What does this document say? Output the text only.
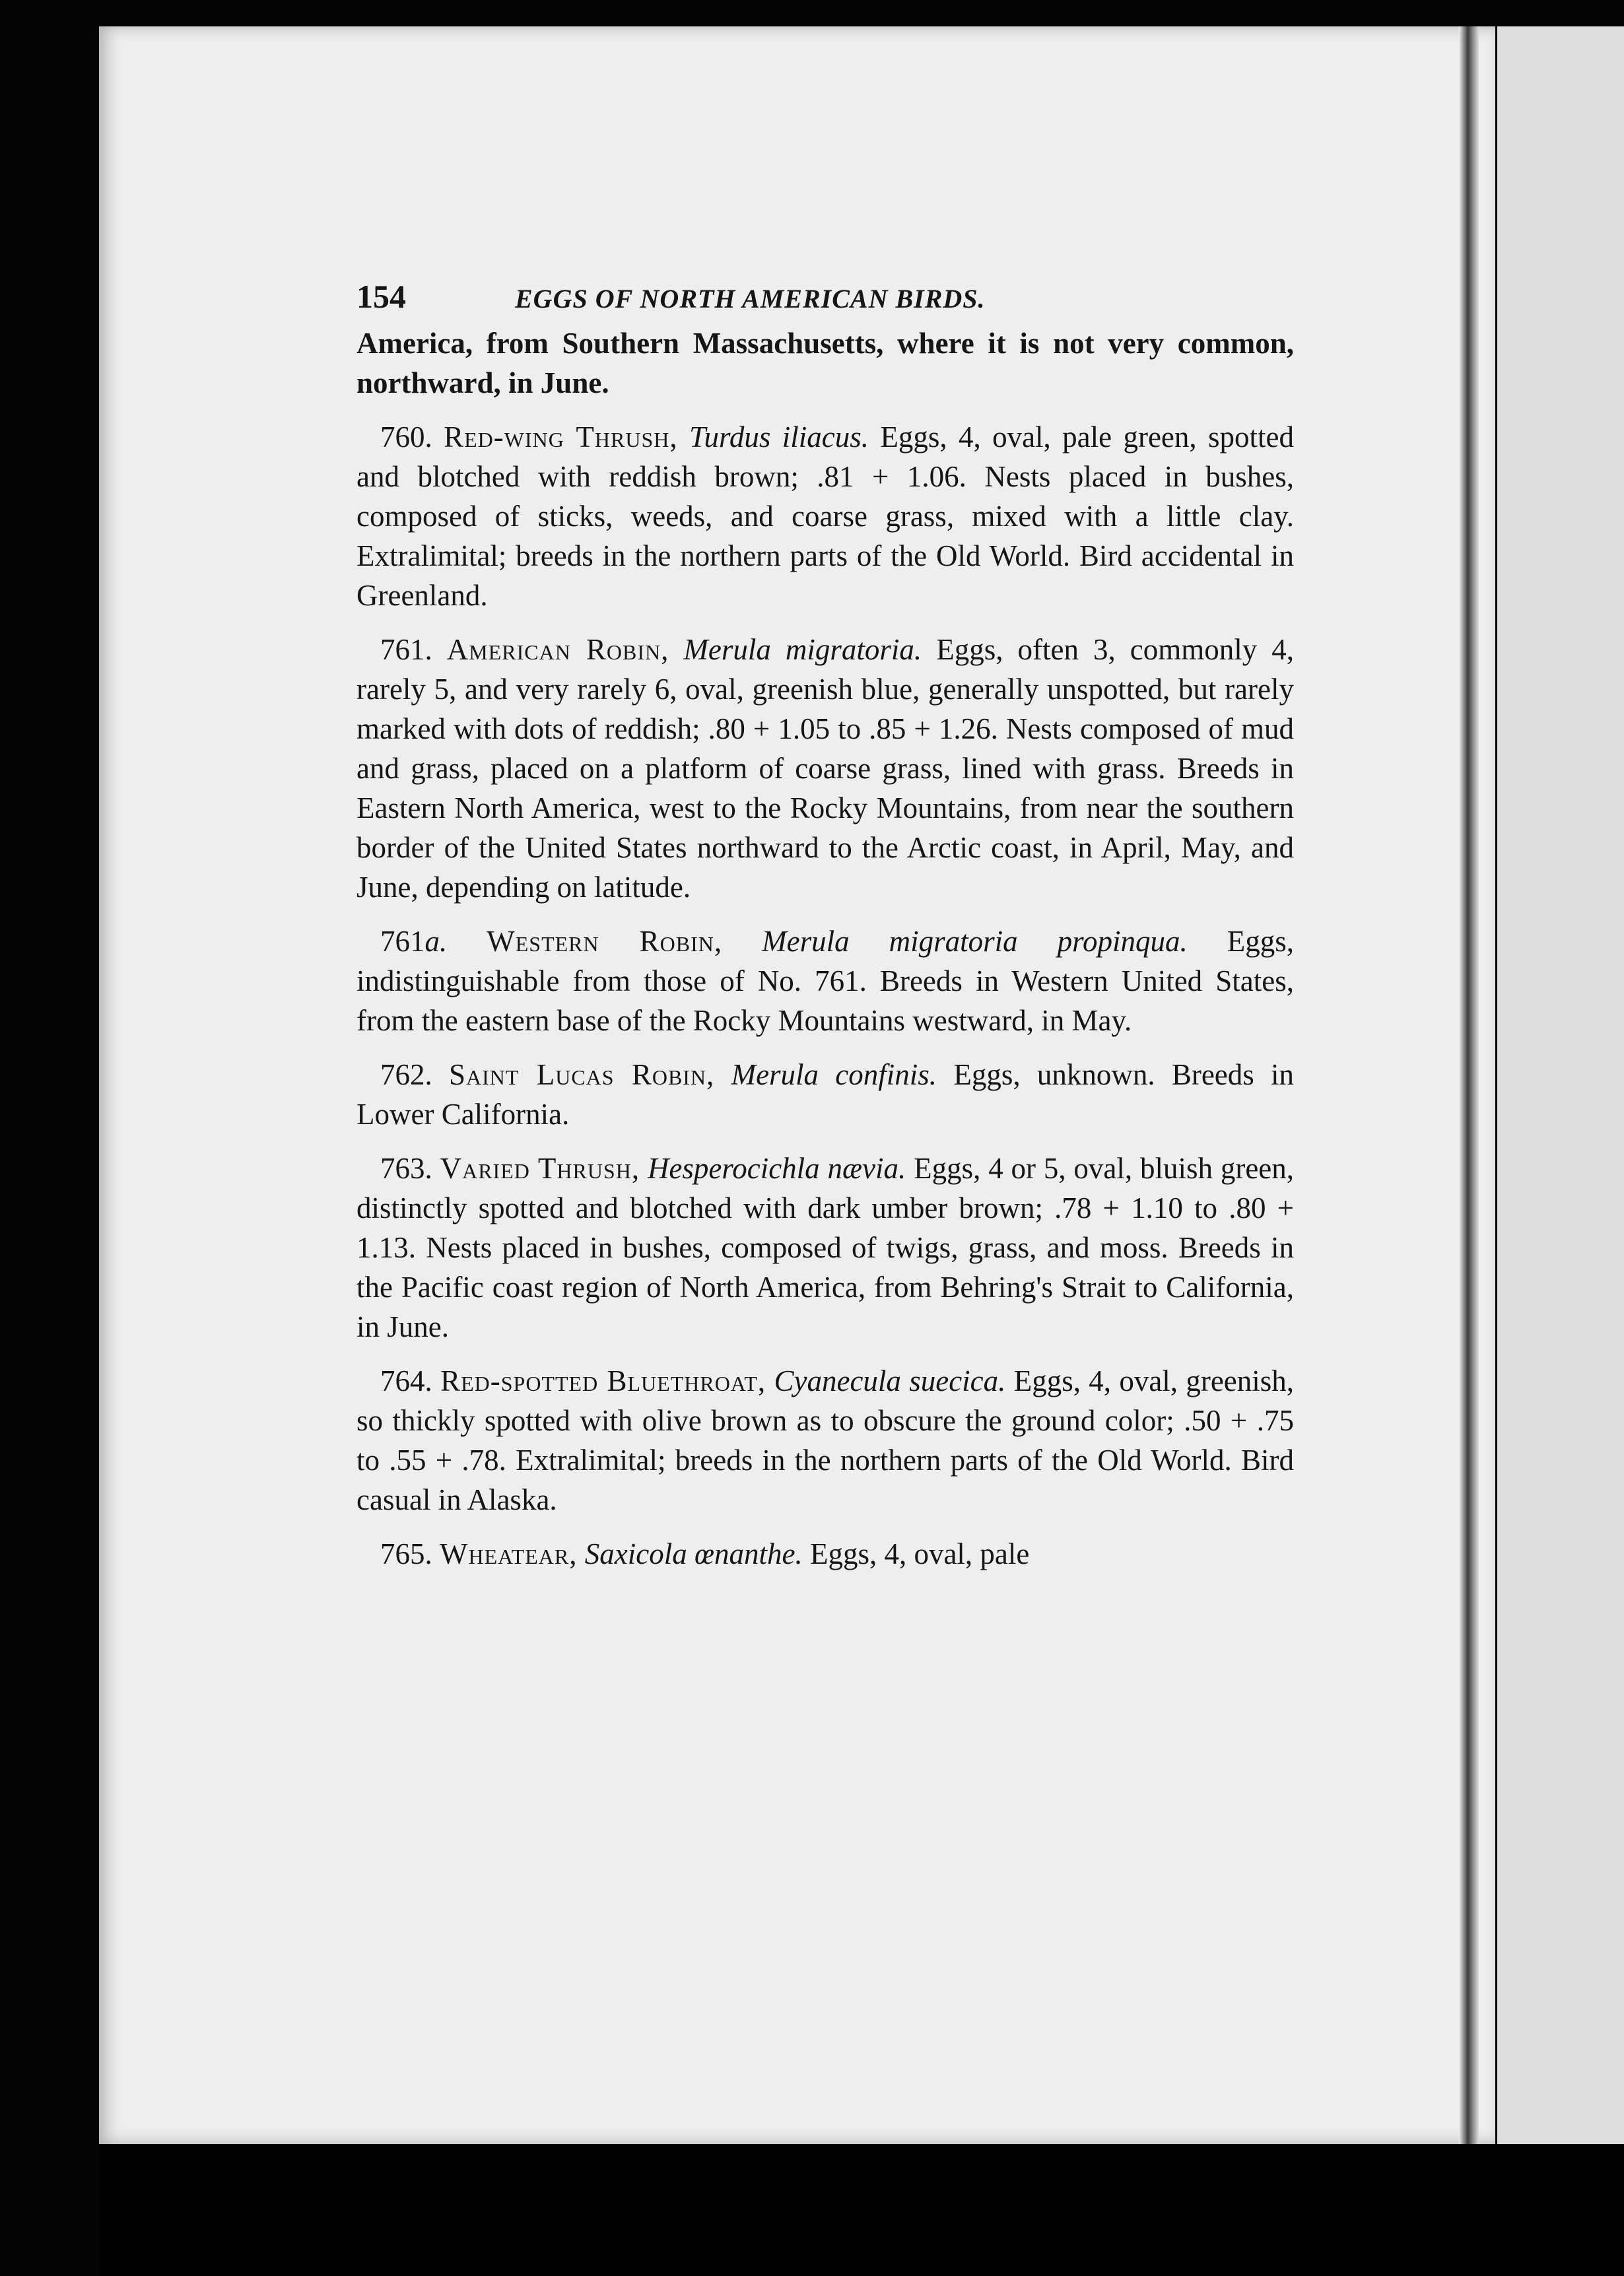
154	EGGS OF NORTH AMERICAN BIRDS.

America, from Southern Massachusetts, where it is not very common, northward, in June.

760. Red-wing Thrush, Turdus iliacus. Eggs, 4, oval, pale green, spotted and blotched with reddish brown; .81 + 1.06. Nests placed in bushes, composed of sticks, weeds, and coarse grass, mixed with a little clay. Extralimital; breeds in the northern parts of the Old World. Bird accidental in Greenland.

761. American Robin, Merula migratoria. Eggs, often 3, commonly 4, rarely 5, and very rarely 6, oval, greenish blue, generally unspotted, but rarely marked with dots of reddish; .80 + 1.05 to .85 + 1.26. Nests composed of mud and grass, placed on a platform of coarse grass, lined with grass. Breeds in Eastern North America, west to the Rocky Mountains, from near the southern border of the United States northward to the Arctic coast, in April, May, and June, depending on latitude.

761a. Western Robin, Merula migratoria propinqua. Eggs, indistinguishable from those of No. 761. Breeds in Western United States, from the eastern base of the Rocky Mountains westward, in May.

762. Saint Lucas Robin, Merula confinis. Eggs, unknown. Breeds in Lower California.

763. Varied Thrush, Hesperocichla nævia. Eggs, 4 or 5, oval, bluish green, distinctly spotted and blotched with dark umber brown; .78 + 1.10 to .80 + 1.13. Nests placed in bushes, composed of twigs, grass, and moss. Breeds in the Pacific coast region of North America, from Behring's Strait to California, in June.

764. Red-spotted Bluethroat, Cyanecula suecica. Eggs, 4, oval, greenish, so thickly spotted with olive brown as to obscure the ground color; .50 + .75 to .55 + .78. Extralimital; breeds in the northern parts of the Old World. Bird casual in Alaska.

765. Wheatear, Saxicola œnanthe. Eggs, 4, oval, pale
